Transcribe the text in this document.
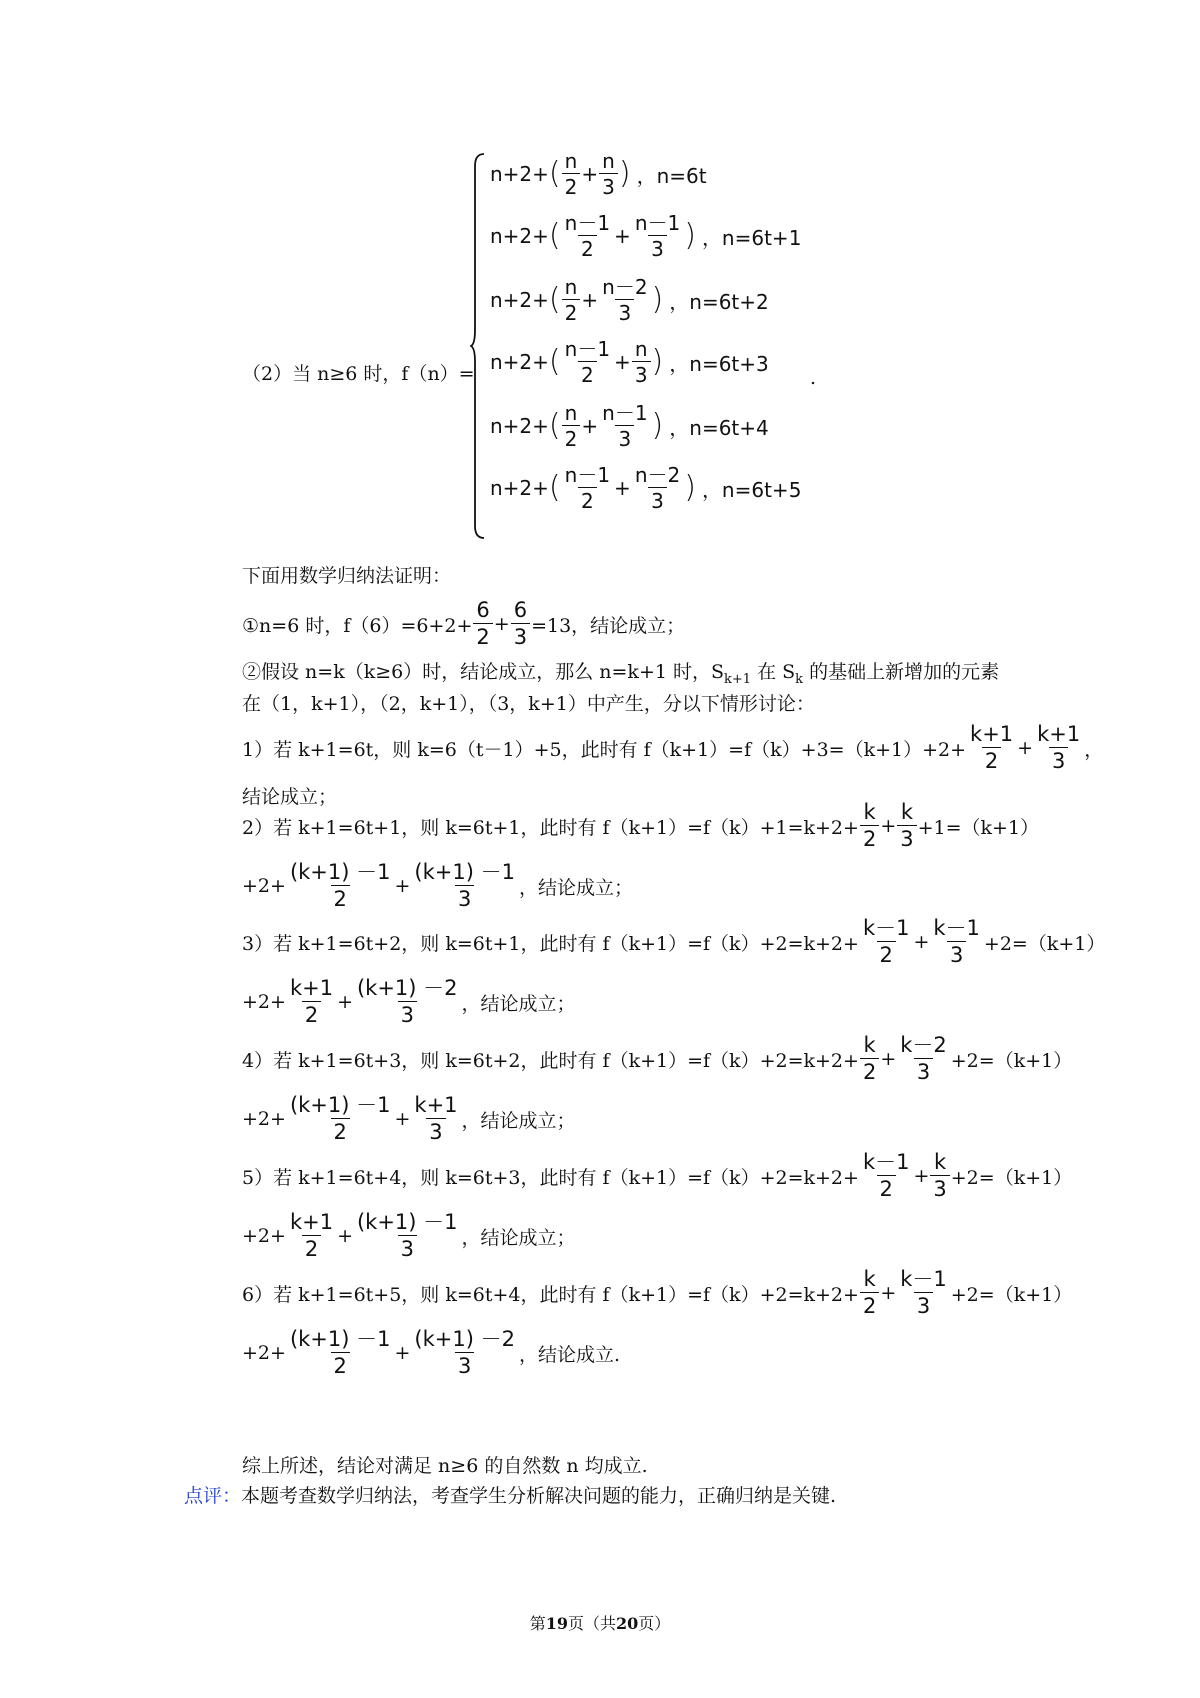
（2）当 n≥6 时，f（n）=
n+2+ ( $\frac{n}{2} + \frac{n}{3}$ ) ，n=6t
n+2+ ( $\frac{n-1}{2} + \frac{n-1}{3}$ ) ，n=6t+1
n+2+ ( $\frac{n}{2} + \frac{n-2}{3}$ ) ，n=6t+2
n+2+ ( $\frac{n-1}{2} + \frac{n}{3}$ ) ，n=6t+3
n+2+ ( $\frac{n}{2} + \frac{n-1}{3}$ ) ，n=6t+4
n+2+ ( $\frac{n-1}{2} + \frac{n-2}{3}$ ) ，n=6t+5
.
下面用数学归纳法证明：
①n=6 时，$f(6)=6+2+ \frac{6}{2} + \frac{6}{3} =13$，结论成立；
②假设 n=k（k≥6）时，结论成立，那么 n=k+1 时，$S_{k+1}$ 在 $S_k$ 的基础上新增加的元素
在（1，k+1），（2，k+1），（3，k+1）中产生，分以下情形讨论：
1）若 k+1=6t，则 k=6（t－1）+5，此时有 $f(k+1)=f(k)+3=(k+1)+2+ \frac{k+1}{2} + \frac{k+1}{3}$ ，
结论成立；
2）若 k+1=6t+1，则 k=6t+1，此时有 $f(k+1)=f(k)+1=k+2+ \frac{k}{2} + \frac{k}{3} +1=(k+1)$
$+2+ \frac{(k+1) -1}{2} + \frac{(k+1) -1}{3}$ ，结论成立；
3）若 k+1=6t+2，则 k=6t+1，此时有 $f(k+1)=f(k)+2=k+2+ \frac{k-1}{2} + \frac{k-1}{3} +2=(k+1)$
$+2+ \frac{k+1}{2} + \frac{(k+1) -2}{3}$ ，结论成立；
4）若 k+1=6t+3，则 k=6t+2，此时有 $f(k+1)=f(k)+2=k+2+ \frac{k}{2} + \frac{k-2}{3} +2=(k+1)$
$+2+ \frac{(k+1) -1}{2} + \frac{k+1}{3}$ ，结论成立；
5）若 k+1=6t+4，则 k=6t+3，此时有 $f(k+1)=f(k)+2=k+2+ \frac{k-1}{2} + \frac{k}{3} +2=(k+1)$
$+2+ \frac{k+1}{2} + \frac{(k+1) -1}{3}$ ，结论成立；
6）若 k+1=6t+5，则 k=6t+4，此时有 $f(k+1)=f(k)+2=k+2+ \frac{k}{2} + \frac{k-1}{3} +2=(k+1)$
$+2+ \frac{(k+1) -1}{2} + \frac{(k+1) -2}{3}$ ，结论成立.
综上所述，结论对满足 n≥6 的自然数 n 均成立.
点评：本题考查数学归纳法，考查学生分析解决问题的能力，正确归纳是关键.
第19页（共20页）
